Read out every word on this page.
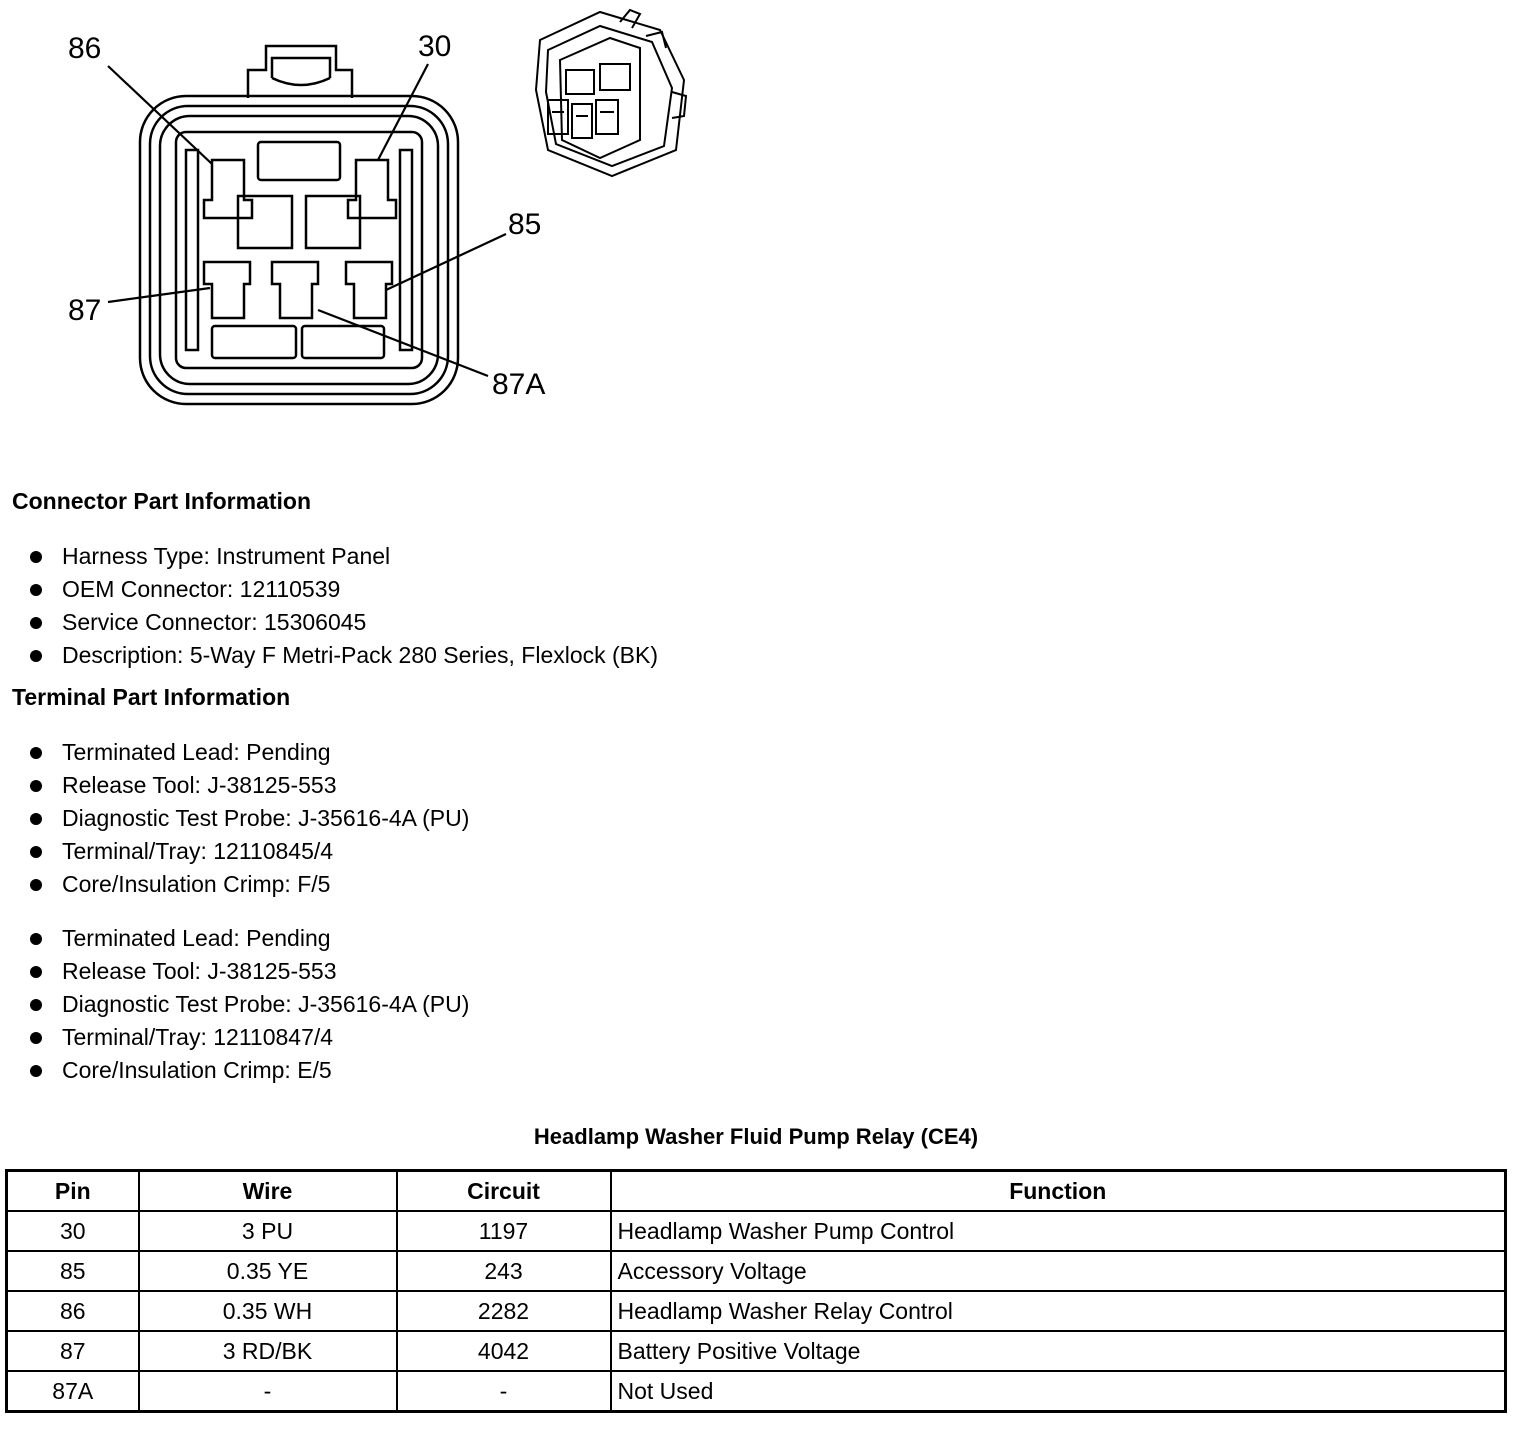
86	30
85
87
87A
Connector Part Information
Harness Type: Instrument Panel
OEM Connector: 12110539
Service Connector: 15306045
Description: 5-Way F Metri-Pack 280 Series, Flexlock (BK)
Terminal Part Information
Terminated Lead: Pending
Release Tool: J-38125-553
Diagnostic Test Probe: J-35616-4A (PU)
Terminal/Tray: 12110845/4
Core/Insulation Crimp: F/5
Terminated Lead: Pending
Release Tool: J-38125-553
Diagnostic Test Probe: J-35616-4A (PU)
Terminal/Tray: 12110847/4
Core/Insulation Crimp: E/5
Headlamp Washer Fluid Pump Relay (CE4)
Pin	Wire	Circuit	Function
30	3 PU	1197	Headlamp Washer Pump Control
85	0.35 YE	243	Accessory Voltage
86	0.35 WH	2282	Headlamp Washer Relay Control
87	3 RD/BK	4042	Battery Positive Voltage
87A	-	-	Not Used
